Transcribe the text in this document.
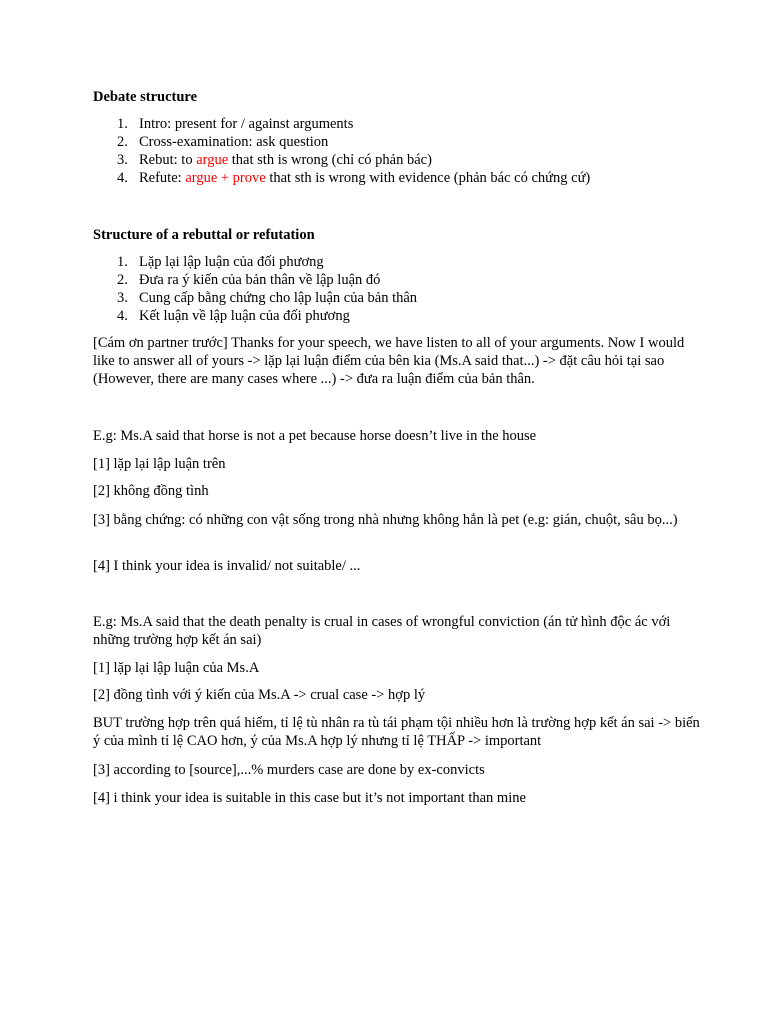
Debate structure
1. Intro: present for / against arguments
2. Cross-examination: ask question
3. Rebut: to argue that sth is wrong (chỉ có phản bác)
4. Refute: argue + prove that sth is wrong with evidence (phản bác có chứng cứ)
Structure of a rebuttal or refutation
1. Lặp lại lập luận của đối phương
2. Đưa ra ý kiến của bản thân về lập luận đó
3. Cung cấp bằng chứng cho lập luận của bản thân
4. Kết luận về lập luận của đối phương
[Cám ơn partner trước] Thanks for your speech, we have listen to all of your arguments. Now I would like to answer all of yours -> lặp lại luận điểm của bên kia (Ms.A said that...) -> đặt câu hỏi tại sao (However, there are many cases where ...) -> đưa ra luận điểm của bản thân.
E.g: Ms.A said that horse is not a pet because horse doesn’t live in the house
[1] lặp lại lập luận trên
[2] không đồng tình
[3] bằng chứng: có những con vật sống trong nhà nhưng không hẳn là pet (e.g: gián, chuột, sâu bọ...)
[4] I think your idea is invalid/ not suitable/ ...
E.g: Ms.A said that the death penalty is crual in cases of wrongful conviction (án tử hình độc ác với những trường hợp kết án sai)
[1] lặp lại lập luận của Ms.A
[2] đồng tình với ý kiến của Ms.A -> crual case -> hợp lý
BUT trường hợp trên quá hiếm, tỉ lệ tù nhân ra tù tái phạm tội nhiều hơn là trường hợp kết án sai -> biến ý của mình tỉ lệ CAO hơn, ý của Ms.A hợp lý nhưng tỉ lệ THẤP -> important
[3] according to [source],...% murders case are done by ex-convicts
[4] i think your idea is suitable in this case but it’s not important than mine
